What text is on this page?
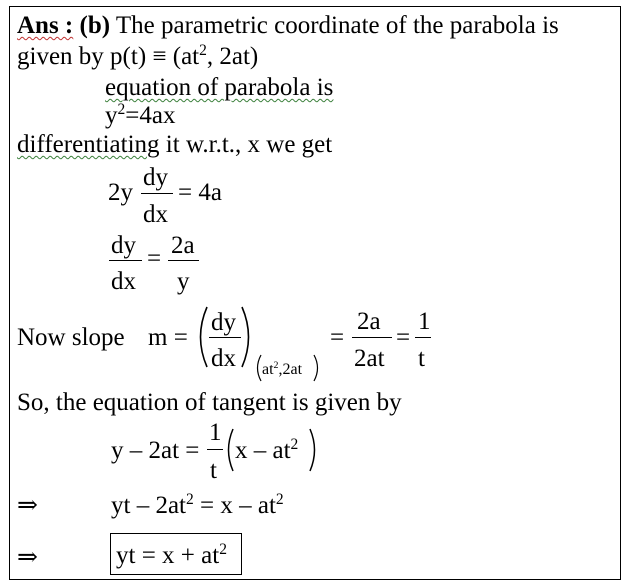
Ans : (b) The parametric coordinate of the parabola is
given by $p(t) \equiv (at^2$, 2at)
equation of parabola is
$y^2=4ax$
differentiating it w.r.t., x we get
2y
dy
dx
= 4a
dy
dx
= 2a
y
Now slope m =
dy
dx $at^2,2at$
=
2a
2at
=
1
t
So, the equation of tangent is given by
y – 2at =
1
t
x – $at^2$
⇒	yt – $2at^2 = x - at^2$
⇒	yt = $x + at^2$
